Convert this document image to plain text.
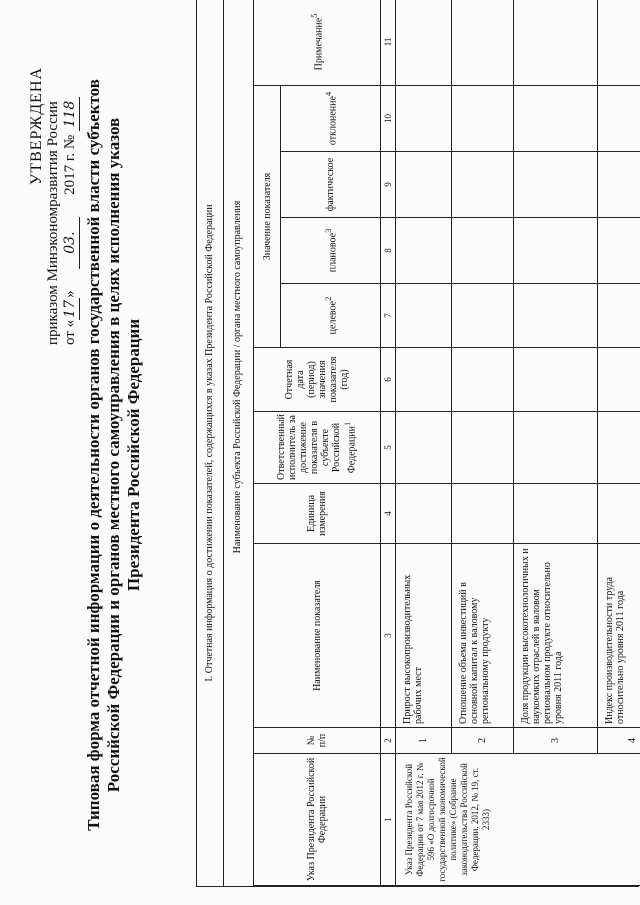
УТВЕРЖДЕНА приказом Минэкономразвития России от «17» 03. 2017 г. № 118 Типовая форма отчетной информации о деятельности органов государственной власти субъектов Российской Федерации и органов местного самоуправления в целях исполнения указов Президента Российской Федерации	I. Отчетная информация о достижении показателей, содержащихся в указах Президента Российской Федерации	Наименование субъекта Российской Федерации / органа местного самоуправления
Указ Президента Российской Федерации	№ п/п	Наименование показателя	Единица измерения	Ответственный исполнитель за достижение показателя в субъекте Российской Федерации$^1$	Отчетная дата (период) значения показателя (год)	Значение показателя				Примечание$^5$
						целевое$^2$	плановое$^3$	фактическое	отклонение$^4$
1	2	3	4	5	6	7	8	9	10	11
Указ Президента Российской Федерации от 7 мая 2012 г. № 596 «О долгосрочной государственной экономической политике» (Собрание законодательства Российской Федерации, 2012, № 19, ст. 2333)	1	Прирост высокопроизводительных рабочих мест								
	2	Отношение объема инвестиций в основной капитал к валовому региональному продукту								
	3	Доля продукции высокотехнологичных и наукоемких отраслей в валовом региональном продукте относительно уровня 2011 года								
	4	Индекс производительности труда относительно уровня 2011 года								
